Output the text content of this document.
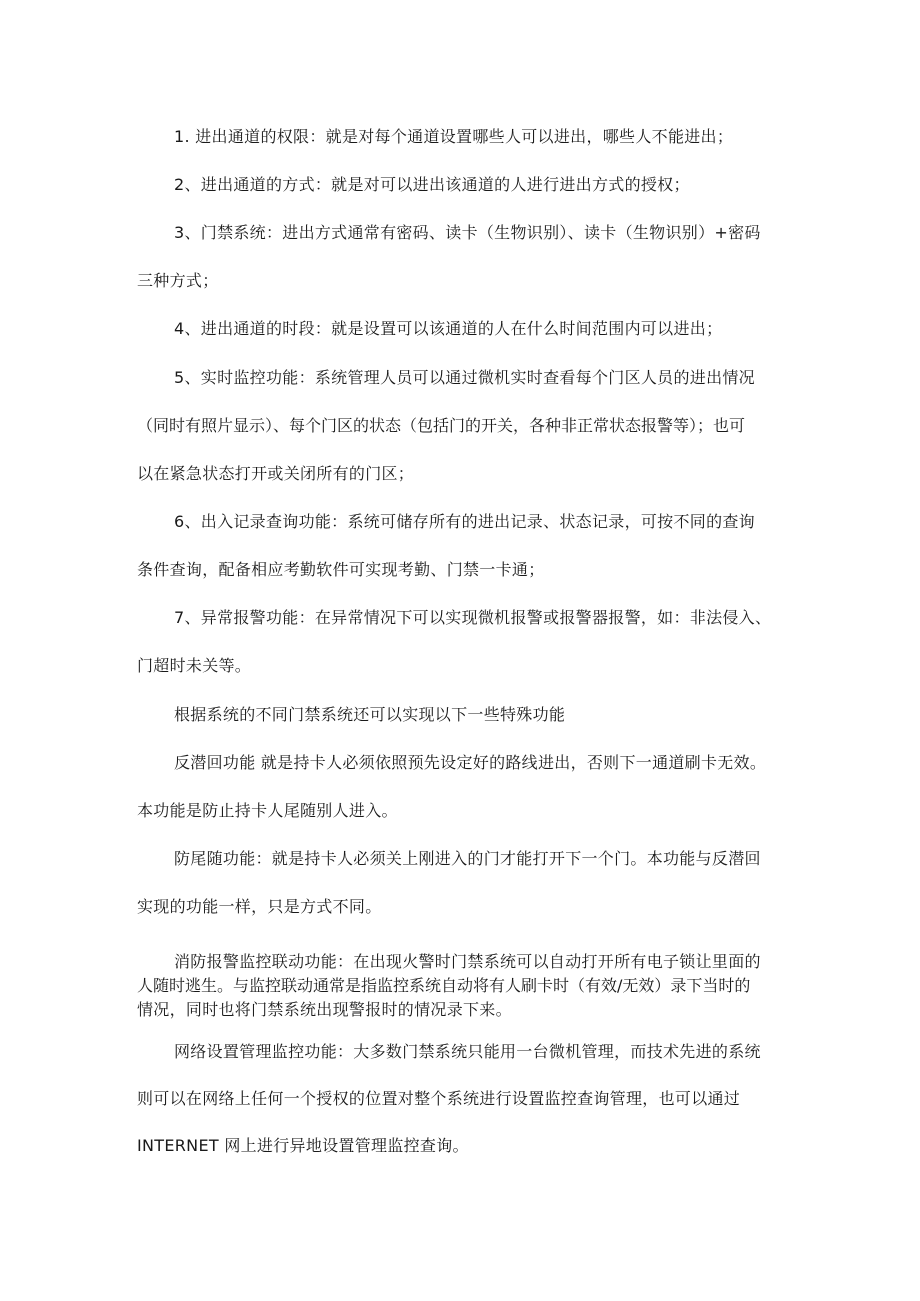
1. 进出通道的权限：就是对每个通道设置哪些人可以进出，哪些人不能进出；
2、进出通道的方式：就是对可以进出该通道的人进行进出方式的授权；
3、门禁系统：进出方式通常有密码、读卡（生物识别）、读卡（生物识别）+密码
三种方式；
4、进出通道的时段：就是设置可以该通道的人在什么时间范围内可以进出；
5、实时监控功能：系统管理人员可以通过微机实时查看每个门区人员的进出情况
（同时有照片显示）、每个门区的状态（包括门的开关，各种非正常状态报警等）；也可
以在紧急状态打开或关闭所有的门区；
6、出入记录查询功能：系统可储存所有的进出记录、状态记录，可按不同的查询
条件查询，配备相应考勤软件可实现考勤、门禁一卡通；
7、异常报警功能：在异常情况下可以实现微机报警或报警器报警，如：非法侵入、
门超时未关等。
根据系统的不同门禁系统还可以实现以下一些特殊功能
反潜回功能 就是持卡人必须依照预先设定好的路线进出，否则下一通道刷卡无效。
本功能是防止持卡人尾随别人进入。
防尾随功能：就是持卡人必须关上刚进入的门才能打开下一个门。本功能与反潜回
实现的功能一样，只是方式不同。
消防报警监控联动功能：在出现火警时门禁系统可以自动打开所有电子锁让里面的
人随时逃生。与监控联动通常是指监控系统自动将有人刷卡时（有效/无效）录下当时的
情况，同时也将门禁系统出现警报时的情况录下来。
网络设置管理监控功能：大多数门禁系统只能用一台微机管理，而技术先进的系统
则可以在网络上任何一个授权的位置对整个系统进行设置监控查询管理，也可以通过
INTERNET 网上进行异地设置管理监控查询。
